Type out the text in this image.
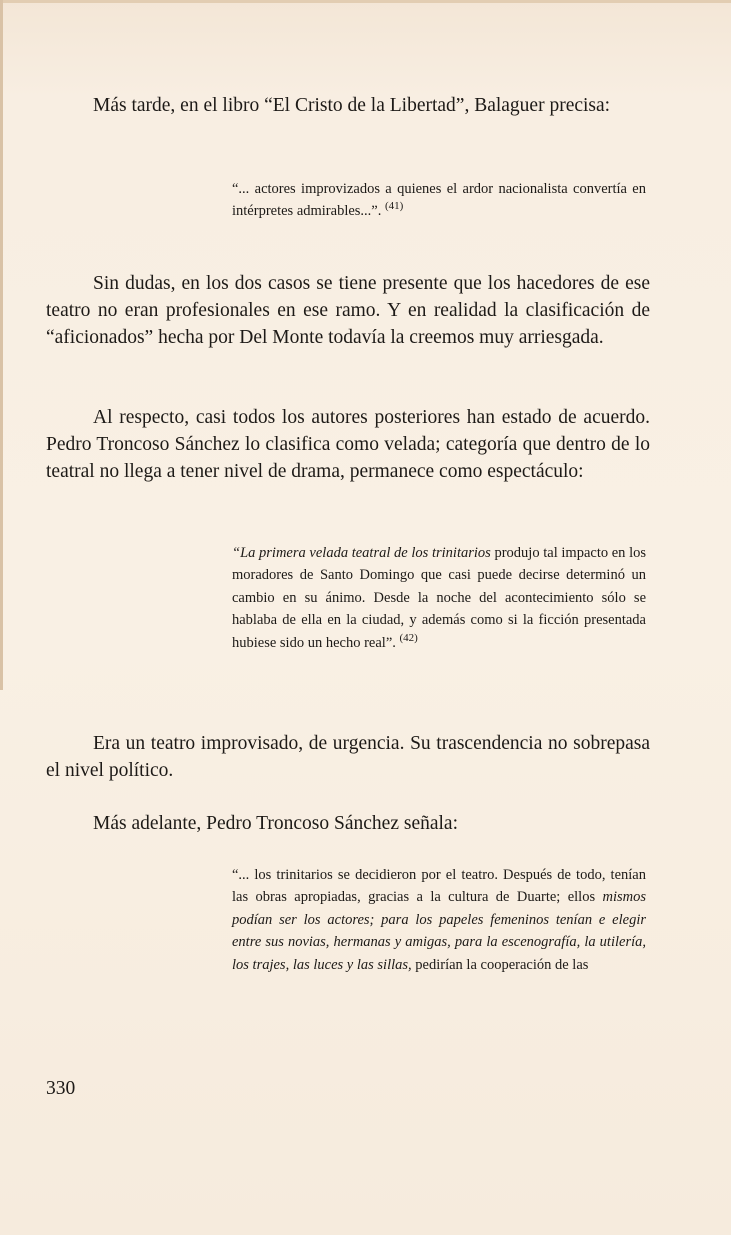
Más tarde, en el libro “El Cristo de la Libertad”, Balaguer precisa:

“... actores improvizados a quienes el ardor nacionalista convertía en intérpretes admirables...”. $^{(41)}$

Sin dudas, en los dos casos se tiene presente que los hacedores de ese teatro no eran profesionales en ese ramo. Y en realidad la clasificación de “aficionados” hecha por Del Monte todavía la creemos muy arriesgada.

Al respecto, casi todos los autores posteriores han estado de acuerdo. Pedro Troncoso Sánchez lo clasifica como velada; categoría que dentro de lo teatral no llega a tener nivel de drama, permanece como espectáculo:

“La primera velada teatral de los trinitarios produjo tal impacto en los moradores de Santo Domingo que casi puede decirse determinó un cambio en su ánimo. Desde la noche del acontecimiento sólo se hablaba de ella en la ciudad, y además como si la ficción presentada hubiese sido un hecho real”. $^{(42)}$

Era un teatro improvisado, de urgencia. Su trascendencia no sobrepasa el nivel político.

Más adelante, Pedro Troncoso Sánchez señala:

“... los trinitarios se decidieron por el teatro. Después de todo, tenían las obras apropiadas, gracias a la cultura de Duarte; ellos mismos podían ser los actores; para los papeles femeninos tenían e elegir entre sus novias, hermanas y amigas, para la escenografía, la utilería, los trajes, las luces y las sillas, pedirían la cooperación de las

330
